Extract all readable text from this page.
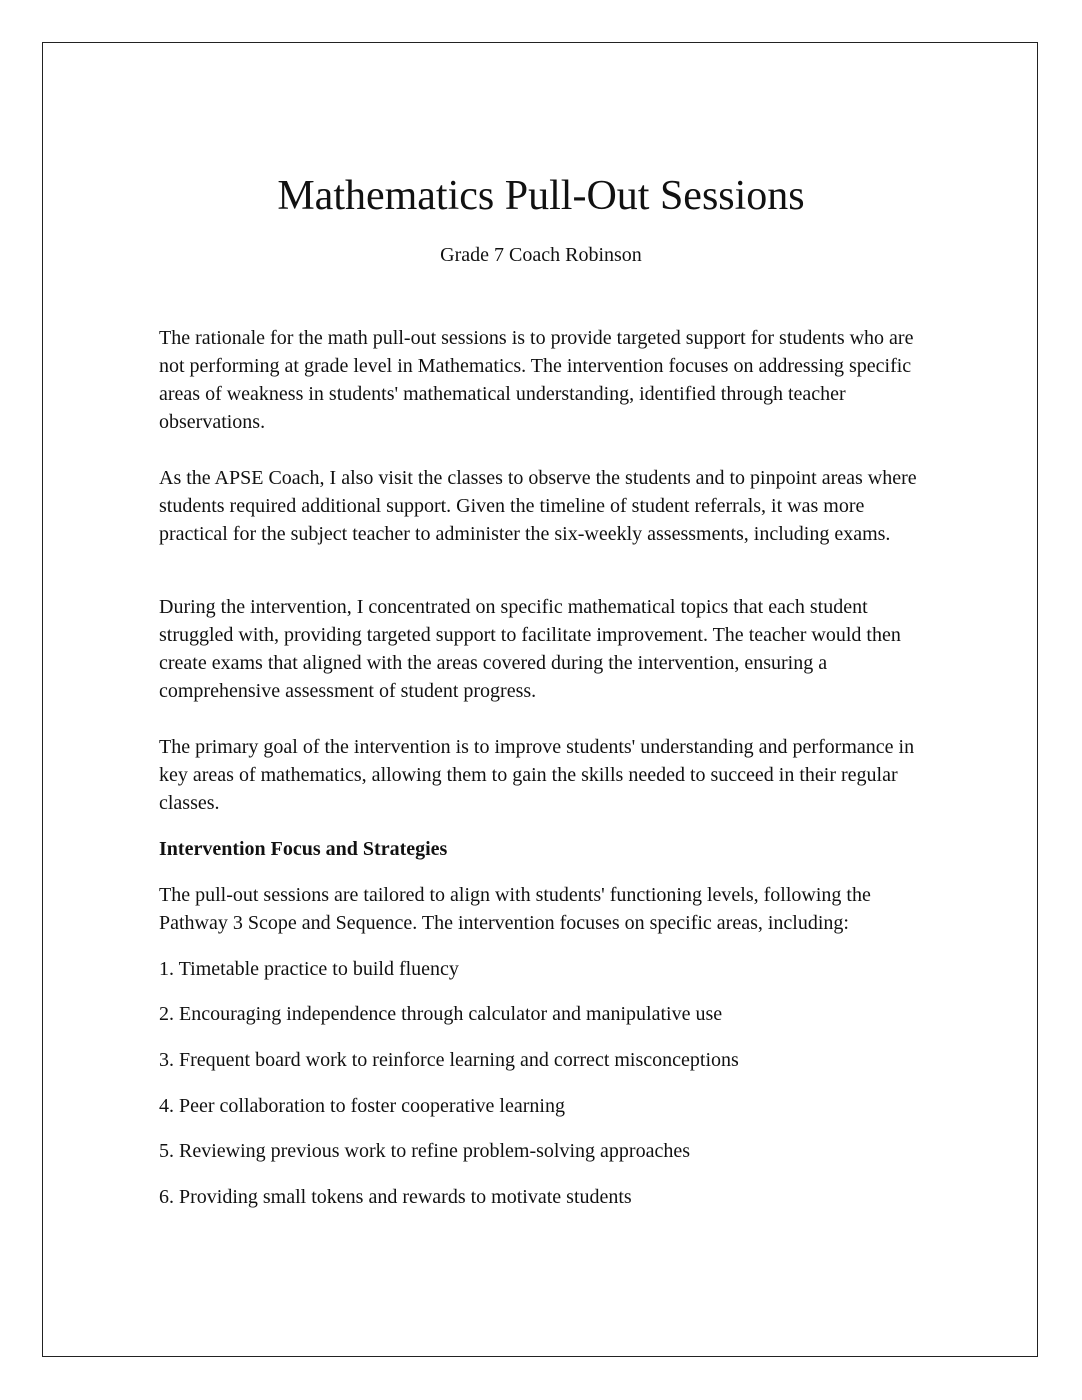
Mathematics Pull-Out Sessions

Grade 7 Coach Robinson

The rationale for the math pull-out sessions is to provide targeted support for students who are not performing at grade level in Mathematics. The intervention focuses on addressing specific areas of weakness in students' mathematical understanding, identified through teacher observations.

As the APSE Coach, I also visit the classes to observe the students and to pinpoint areas where students required additional support. Given the timeline of student referrals, it was more practical for the subject teacher to administer the six-weekly assessments, including exams.

During the intervention, I concentrated on specific mathematical topics that each student struggled with, providing targeted support to facilitate improvement. The teacher would then create exams that aligned with the areas covered during the intervention, ensuring a comprehensive assessment of student progress.

The primary goal of the intervention is to improve students' understanding and performance in key areas of mathematics, allowing them to gain the skills needed to succeed in their regular classes.

Intervention Focus and Strategies

The pull-out sessions are tailored to align with students' functioning levels, following the Pathway 3 Scope and Sequence. The intervention focuses on specific areas, including:

1. Timetable practice to build fluency

2. Encouraging independence through calculator and manipulative use

3. Frequent board work to reinforce learning and correct misconceptions

4. Peer collaboration to foster cooperative learning

5. Reviewing previous work to refine problem-solving approaches

6. Providing small tokens and rewards to motivate students
